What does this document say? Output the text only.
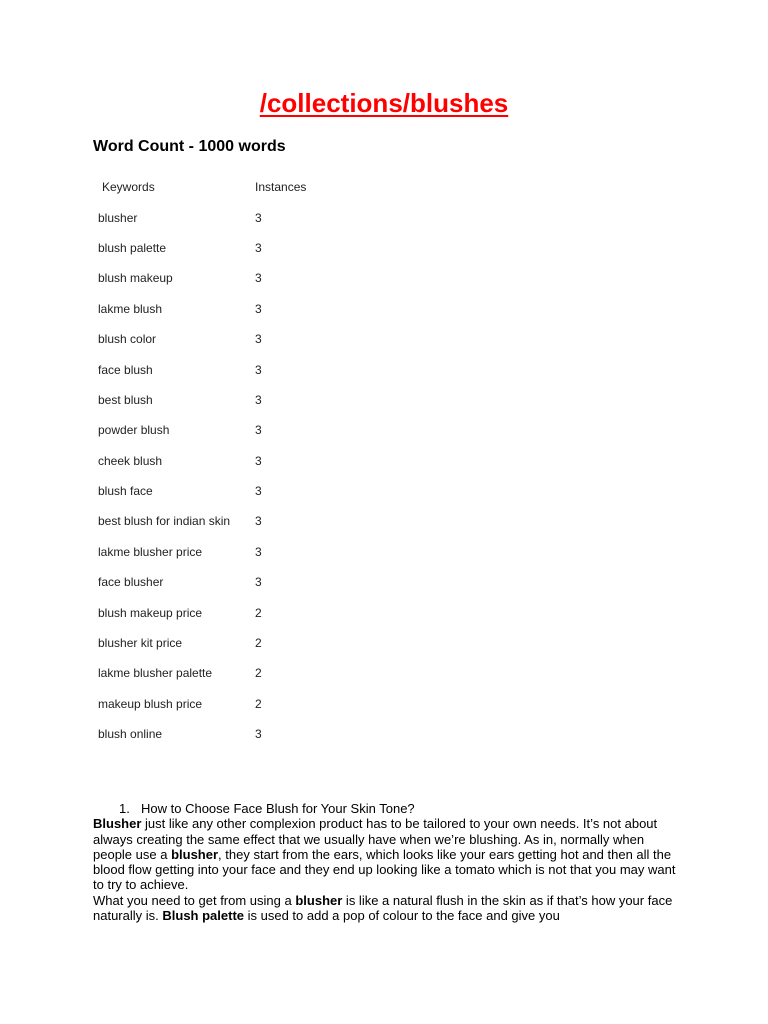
/collections/blushes
Word Count - 1000 words
Keywords	Instances
blusher	3
blush palette	3
blush makeup	3
lakme blush	3
blush color	3
face blush	3
best blush	3
powder blush	3
cheek blush	3
blush face	3
best blush for indian skin	3
lakme blusher price	3
face blusher	3
blush makeup price	2
blusher kit price	2
lakme blusher palette	2
makeup blush price	2
blush online	3
1. How to Choose Face Blush for Your Skin Tone?

Blusher just like any other complexion product has to be tailored to your own needs. It’s not about always creating the same effect that we usually have when we’re blushing. As in, normally when people use a blusher, they start from the ears, which looks like your ears getting hot and then all the blood flow getting into your face and they end up looking like a tomato which is not that you may want to try to achieve.

What you need to get from using a blusher is like a natural flush in the skin as if that’s how your face naturally is. Blush palette is used to add a pop of colour to the face and give you
